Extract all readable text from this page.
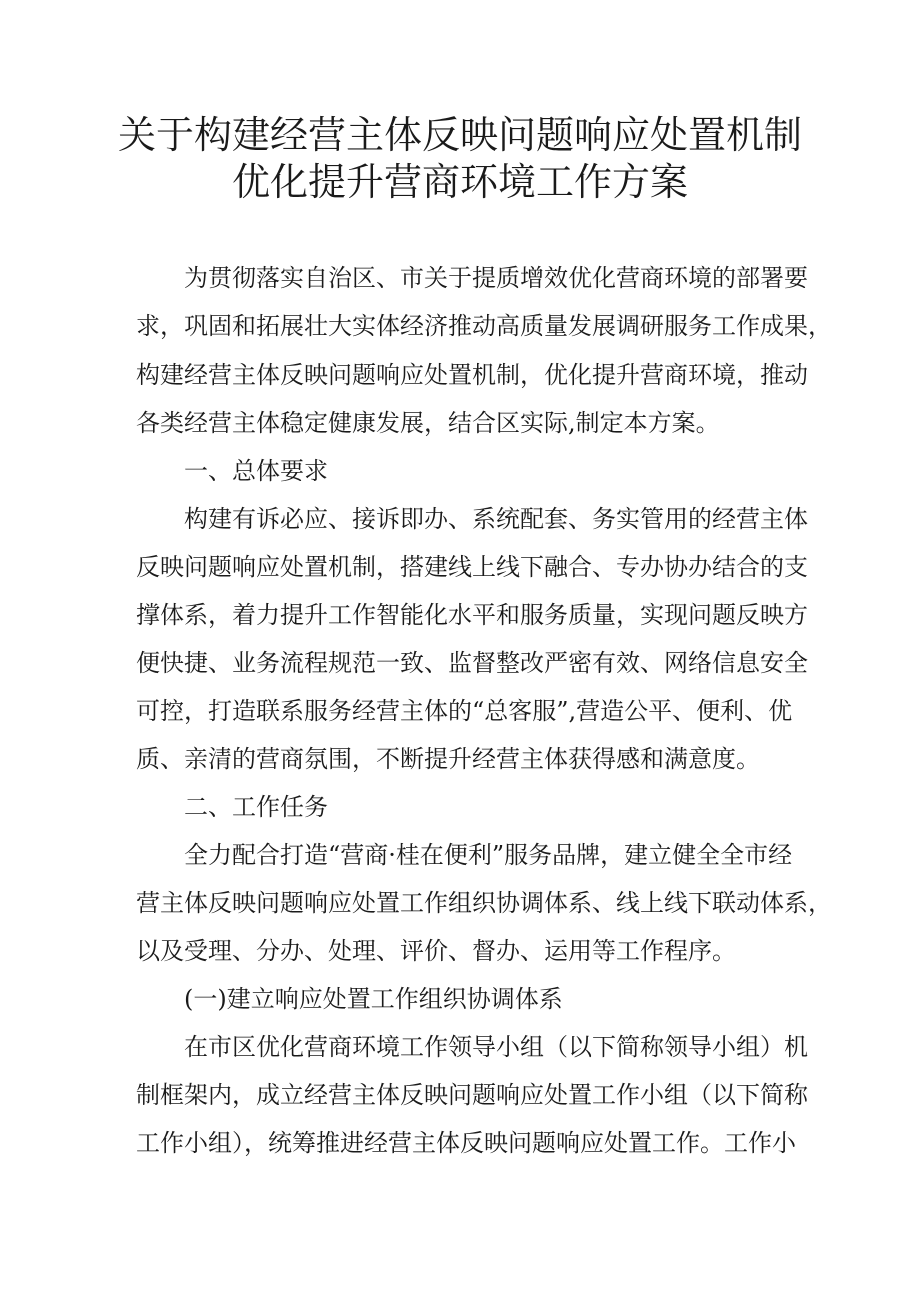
关于构建经营主体反映问题响应处置机制
优化提升营商环境工作方案
为贯彻落实自治区、市关于提质增效优化营商环境的部署要
求，巩固和拓展壮大实体经济推动高质量发展调研服务工作成果，
构建经营主体反映问题响应处置机制，优化提升营商环境，推动
各类经营主体稳定健康发展，结合区实际,制定本方案。
一、总体要求
构建有诉必应、接诉即办、系统配套、务实管用的经营主体
反映问题响应处置机制，搭建线上线下融合、专办协办结合的支
撑体系，着力提升工作智能化水平和服务质量，实现问题反映方
便快捷、业务流程规范一致、监督整改严密有效、网络信息安全
可控，打造联系服务经营主体的“总客服”,营造公平、便利、优
质、亲清的营商氛围，不断提升经营主体获得感和满意度。
二、工作任务
全力配合打造“营商·桂在便利”服务品牌，建立健全全市经
营主体反映问题响应处置工作组织协调体系、线上线下联动体系，
以及受理、分办、处理、评价、督办、运用等工作程序。
(一)建立响应处置工作组织协调体系
在市区优化营商环境工作领导小组（以下简称领导小组）机
制框架内，成立经营主体反映问题响应处置工作小组（以下简称
工作小组），统筹推进经营主体反映问题响应处置工作。工作小
